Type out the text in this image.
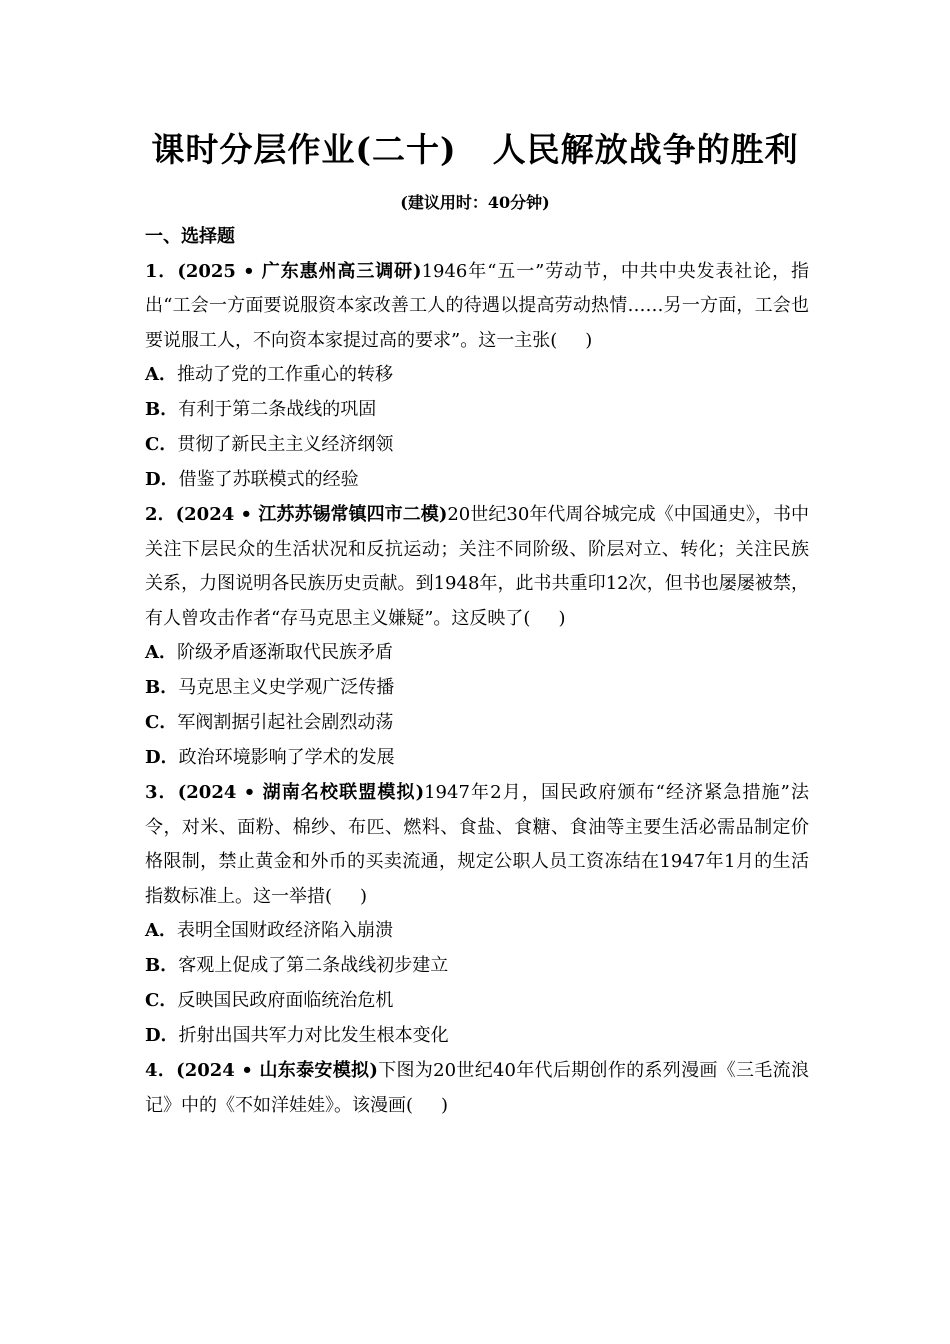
课时分层作业(二十) 人民解放战争的胜利
(建议用时：40分钟)
一、选择题
1．(2025 • 广东惠州高三调研)1946年“五一”劳动节，中共中央发表社论，指出“工会一方面要说服资本家改善工人的待遇以提高劳动热情……另一方面，工会也要说服工人，不向资本家提过高的要求”。这一主张( )
A．推动了党的工作重心的转移
B．有利于第二条战线的巩固
C．贯彻了新民主主义经济纲领
D．借鉴了苏联模式的经验
2．(2024 • 江苏苏锡常镇四市二模)20世纪30年代周谷城完成《中国通史》，书中关注下层民众的生活状况和反抗运动；关注不同阶级、阶层对立、转化；关注民族关系，力图说明各民族历史贡献。到1948年，此书共重印12次，但书也屡屡被禁，有人曾攻击作者“存马克思主义嫌疑”。这反映了( )
A．阶级矛盾逐渐取代民族矛盾
B．马克思主义史学观广泛传播
C．军阀割据引起社会剧烈动荡
D．政治环境影响了学术的发展
3．(2024 • 湖南名校联盟模拟)1947年2月，国民政府颁布“经济紧急措施”法令，对米、面粉、棉纱、布匹、燃料、食盐、食糖、食油等主要生活必需品制定价格限制，禁止黄金和外币的买卖流通，规定公职人员工资冻结在1947年1月的生活指数标准上。这一举措( )
A．表明全国财政经济陷入崩溃
B．客观上促成了第二条战线初步建立
C．反映国民政府面临统治危机
D．折射出国共军力对比发生根本变化
4．(2024 • 山东泰安模拟)下图为20世纪40年代后期创作的系列漫画《三毛流浪记》中的《不如洋娃娃》。该漫画( )
